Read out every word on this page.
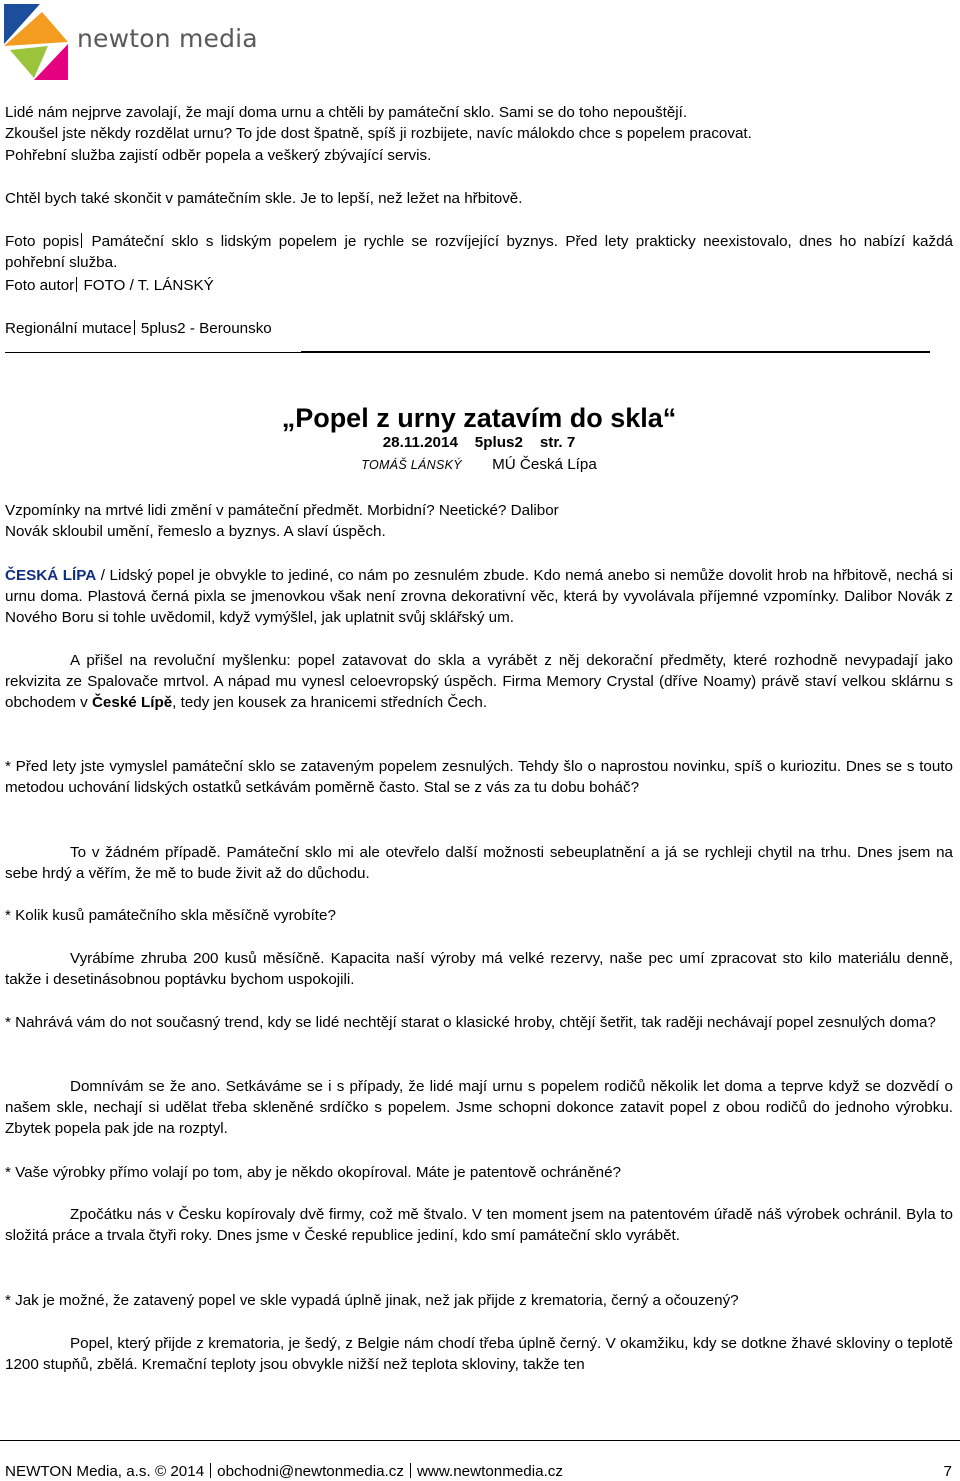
newton media

Lidé nám nejprve zavolají, že mají doma urnu a chtěli by památeční sklo. Sami se do toho nepouštějí.

Zkoušel jste někdy rozdělat urnu? To jde dost špatně, spíš ji rozbijete, navíc málokdo chce s popelem pracovat.

Pohřební služba zajistí odběr popela a veškerý zbývající servis.

Chtěl bych také skončit v památečním skle. Je to lepší, než ležet na hřbitově.

Foto popis Památeční sklo s lidským popelem je rychle se rozvíjející byznys. Před lety prakticky neexistovalo, dnes ho nabízí každá pohřební služba.

Foto autor FOTO / T. LÁNSKÝ

Regionální mutace 5plus2 - Berounsko

„Popel z urny zatavím do skla“
28.11.2014 5plus2 str. 7
TOMÁŠ LÁNSKÝ MÚ Česká Lípa

Vzpomínky na mrtvé lidi změní v památeční předmět. Morbidní? Neetické? Dalibor Novák skloubil umění, řemeslo a byznys. A slaví úspěch.

ČESKÁ LÍPA / Lidský popel je obvykle to jediné, co nám po zesnulém zbude. Kdo nemá anebo si nemůže dovolit hrob na hřbitově, nechá si urnu doma. Plastová černá pixla se jmenovkou však není zrovna dekorativní věc, která by vyvolávala příjemné vzpomínky. Dalibor Novák z Nového Boru si tohle uvědomil, když vymýšlel, jak uplatnit svůj sklářský um.

A přišel na revoluční myšlenku: popel zatavovat do skla a vyrábět z něj dekorační předměty, které rozhodně nevypadají jako rekvizita ze Spalovače mrtvol. A nápad mu vynesl celoevropský úspěch. Firma Memory Crystal (dříve Noamy) právě staví velkou sklárnu s obchodem v České Lípě, tedy jen kousek za hranicemi středních Čech.

* Před lety jste vymyslel památeční sklo se zataveným popelem zesnulých. Tehdy šlo o naprostou novinku, spíš o kuriozitu. Dnes se s touto metodou uchování lidských ostatků setkávám poměrně často. Stal se z vás za tu dobu boháč?

To v žádném případě. Památeční sklo mi ale otevřelo další možnosti sebeuplatnění a já se rychleji chytil na trhu. Dnes jsem na sebe hrdý a věřím, že mě to bude živit až do důchodu.

* Kolik kusů památečního skla měsíčně vyrobíte?

Vyrábíme zhruba 200 kusů měsíčně. Kapacita naší výroby má velké rezervy, naše pec umí zpracovat sto kilo materiálu denně, takže i desetinásobnou poptávku bychom uspokojili.

* Nahrává vám do not současný trend, kdy se lidé nechtějí starat o klasické hroby, chtějí šetřit, tak raději nechávají popel zesnulých doma?

Domnívám se že ano. Setkáváme se i s případy, že lidé mají urnu s popelem rodičů několik let doma a teprve když se dozvědí o našem skle, nechají si udělat třeba skleněné srdíčko s popelem. Jsme schopni dokonce zatavit popel z obou rodičů do jednoho výrobku. Zbytek popela pak jde na rozptyl.

* Vaše výrobky přímo volají po tom, aby je někdo okopíroval. Máte je patentově ochráněné?

Zpočátku nás v Česku kopírovaly dvě firmy, což mě štvalo. V ten moment jsem na patentovém úřadě náš výrobek ochránil. Byla to složitá práce a trvala čtyři roky. Dnes jsme v České republice jediní, kdo smí památeční sklo vyrábět.

* Jak je možné, že zatavený popel ve skle vypadá úplně jinak, než jak přijde z krematoria, černý a očouzený?

Popel, který přijde z krematoria, je šedý, z Belgie nám chodí třeba úplně černý. V okamžiku, kdy se dotkne žhavé skloviny o teplotě 1200 stupňů, zbělá. Kremační teploty jsou obvykle nižší než teplota skloviny, takže ten

NEWTON Media, a.s. © 2014 obchodni@newtonmedia.cz www.newtonmedia.cz	7
